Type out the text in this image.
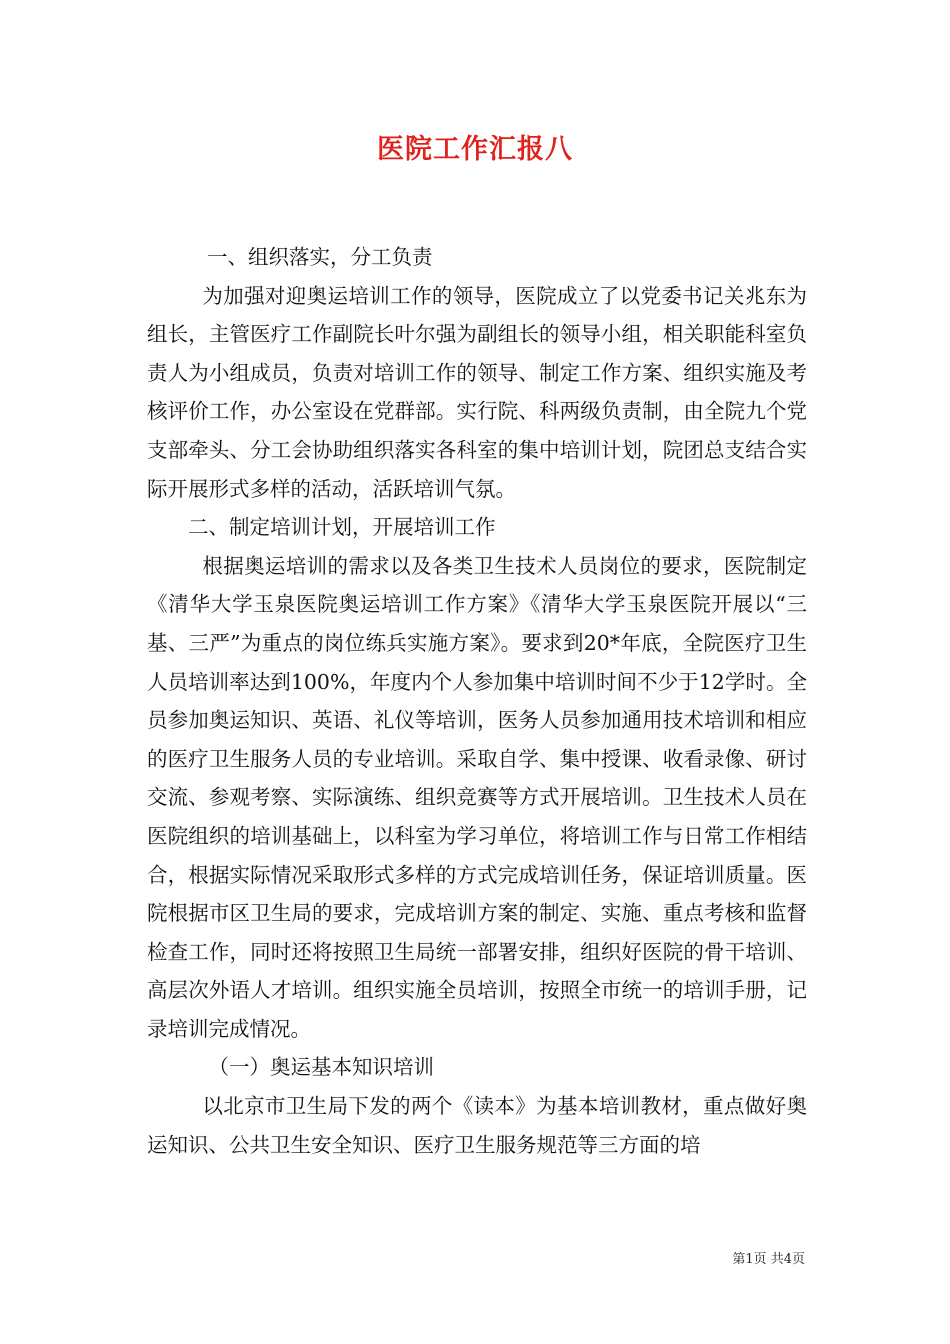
医院工作汇报八

一、组织落实，分工负责

为加强对迎奥运培训工作的领导，医院成立了以党委书记关兆东为组长，主管医疗工作副院长叶尔强为副组长的领导小组，相关职能科室负责人为小组成员，负责对培训工作的领导、制定工作方案、组织实施及考核评价工作，办公室设在党群部。实行院、科两级负责制，由全院九个党支部牵头、分工会协助组织落实各科室的集中培训计划，院团总支结合实际开展形式多样的活动，活跃培训气氛。

二、制定培训计划，开展培训工作

根据奥运培训的需求以及各类卫生技术人员岗位的要求，医院制定《清华大学玉泉医院奥运培训工作方案》《清华大学玉泉医院开展以“三基、三严”为重点的岗位练兵实施方案》。要求到20*年底，全院医疗卫生人员培训率达到100%，年度内个人参加集中培训时间不少于12学时。全员参加奥运知识、英语、礼仪等培训，医务人员参加通用技术培训和相应的医疗卫生服务人员的专业培训。采取自学、集中授课、收看录像、研讨交流、参观考察、实际演练、组织竞赛等方式开展培训。卫生技术人员在医院组织的培训基础上，以科室为学习单位，将培训工作与日常工作相结合，根据实际情况采取形式多样的方式完成培训任务，保证培训质量。医院根据市区卫生局的要求，完成培训方案的制定、实施、重点考核和监督检查工作，同时还将按照卫生局统一部署安排，组织好医院的骨干培训、高层次外语人才培训。组织实施全员培训，按照全市统一的培训手册，记录培训完成情况。

（一）奥运基本知识培训

以北京市卫生局下发的两个《读本》为基本培训教材，重点做好奥运知识、公共卫生安全知识、医疗卫生服务规范等三方面的培

第1页 共4页
